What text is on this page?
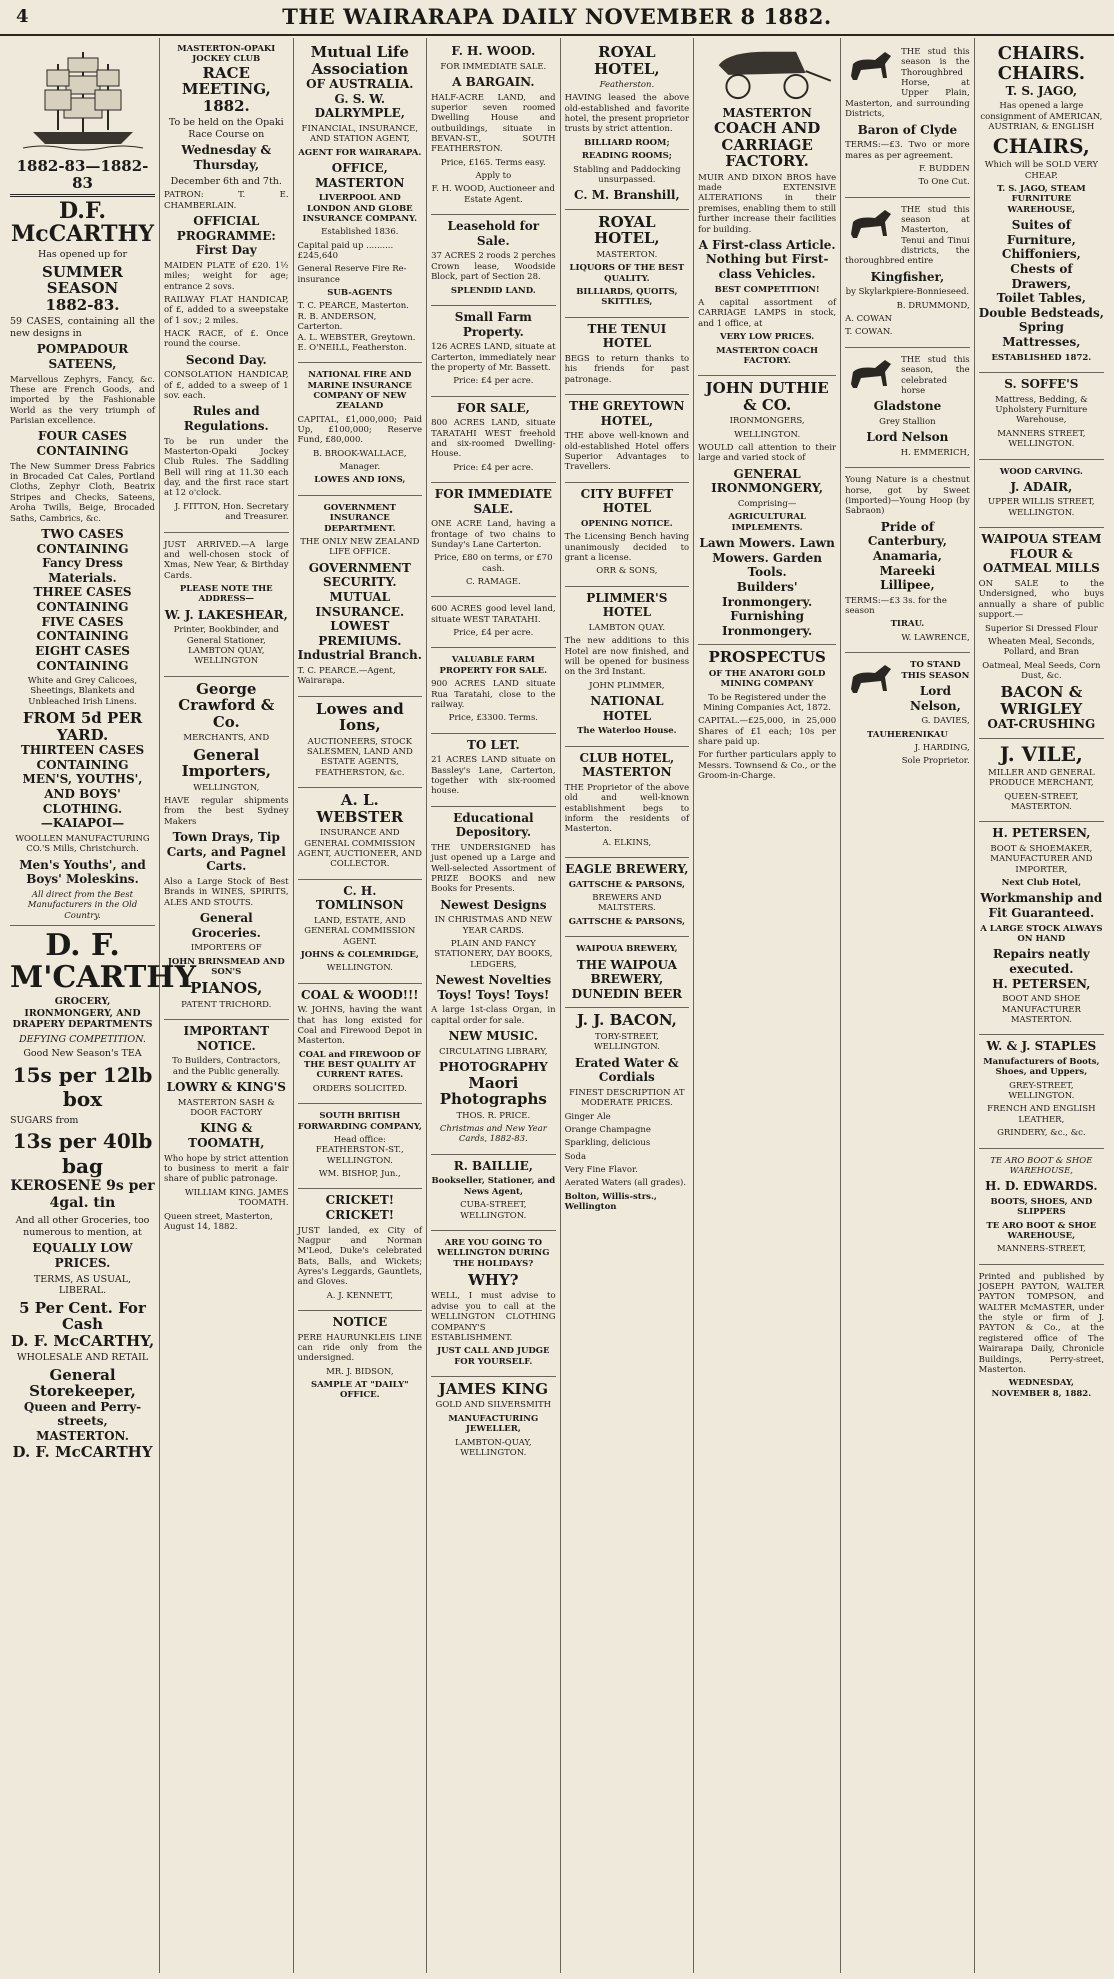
4	THE WAIRARAPA DAILY NOVEMBER 8 1882.
1882-83—1882-83
D.F. McCARTHY

Has opened up for

SUMMER SEASON
1882-83.

59 CASES, containing all the new designs in

POMPADOUR SATEENS,

Marvellous Zephyrs, Fancy, &c. These are French Goods, and imported by the Fashionable World as the very triumph of Parisian excellence.

FOUR CASES CONTAINING

The New Summer Dress Fabrics in Brocaded Cat Cales, Portland Cloths, Zephyr Cloth, Beatrix Stripes and Checks, Sateens, Aroha Twills, Beige, Brocaded Saths, Cambrics, &c.

TWO CASES CONTAINING
Fancy Dress Materials.
THREE CASES CONTAINING
FIVE CASES CONTAINING
EIGHT CASES CONTAINING

White and Grey Calicoes, Sheetings, Blankets and Unbleached Irish Linens.

FROM 5d PER YARD.
THIRTEEN CASES CONTAINING
MEN'S, YOUTHS', AND BOYS' CLOTHING.
—KAIAPOI—

WOOLLEN MANUFACTURING CO.'S Mills, Christchurch.

Men's Youths', and Boys' Moleskins.

All direct from the Best Manufacturers in the Old Country.

D. F. M'CARTHY

GROCERY, IRONMONGERY, AND DRAPERY DEPARTMENTS

DEFYING COMPETITION.

Good New Season's TEA

15s per 12lb box

SUGARS from

13s per 40lb bag
KEROSENE 9s per 4gal. tin

And all other Groceries, too numerous to mention, at

EQUALLY LOW PRICES.

TERMS, AS USUAL, LIBERAL.

5 Per Cent. For Cash
D. F. McCARTHY,

WHOLESALE AND RETAIL

General Storekeeper,
Queen and Perry-streets,
MASTERTON.
D. F. McCARTHY
MASTERTON-OPAKI JOCKEY CLUB
RACE MEETING, 1882.

To be held on the Opaki Race Course on

Wednesday & Thursday,

December 6th and 7th.

PATRON: T. E. CHAMBERLAIN.

OFFICIAL PROGRAMME:
First Day

MAIDEN PLATE of £20. 1½ miles; weight for age; entrance 2 sovs.

RAILWAY FLAT HANDICAP, of £, added to a sweepstake of 1 sov.; 2 miles.

HACK RACE, of £. Once round the course.

Second Day.

CONSOLATION HANDICAP, of £, added to a sweep of 1 sov. each.

Rules and Regulations.

To be run under the Masterton-Opaki Jockey Club Rules. The Saddling Bell will ring at 11.30 each day, and the first race start at 12 o'clock.

J. FITTON, Hon. Secretary and Treasurer.

JUST ARRIVED.—A large and well-chosen stock of Xmas, New Year, & Birthday Cards.

PLEASE NOTE THE ADDRESS—

W. J. LAKESHEAR,

Printer, Bookbinder, and General Stationer, LAMBTON QUAY, WELLINGTON

George Crawford & Co.

MERCHANTS, AND

General Importers,

WELLINGTON,

HAVE regular shipments from the best Sydney Makers

Town Drays, Tip Carts, and Pagnel Carts.

Also a Large Stock of Best Brands in WINES, SPIRITS, ALES AND STOUTS.

General Groceries.

IMPORTERS OF

JOHN BRINSMEAD AND SON'S

PIANOS,

PATENT TRICHORD.

IMPORTANT NOTICE.

To Builders, Contractors, and the Public generally.

LOWRY & KING'S

MASTERTON SASH & DOOR FACTORY

KING & TOOMATH,

Who hope by strict attention to business to merit a fair share of public patronage.

WILLIAM KING. JAMES TOOMATH.

Queen street, Masterton, August 14, 1882.

Mutual Life Association
OF AUSTRALIA.
G. S. W. DALRYMPLE,

FINANCIAL, INSURANCE, AND STATION AGENT,

AGENT FOR WAIRARAPA.

OFFICE, MASTERTON

LIVERPOOL AND LONDON AND GLOBE INSURANCE COMPANY.

Established 1836.

Capital paid up .......... £245,640

General Reserve Fire Re-insurance

SUB-AGENTS

T. C. PEARCE, Masterton.
R. B. ANDERSON, Carterton.
A. L. WEBSTER, Greytown.
E. O'NEILL, Featherston.

NATIONAL FIRE AND MARINE INSURANCE COMPANY OF NEW ZEALAND

CAPITAL, £1,000,000; Paid Up, £100,000; Reserve Fund, £80,000.

B. BROOK-WALLACE,

Manager.

LOWES AND IONS,

GOVERNMENT INSURANCE DEPARTMENT.

THE ONLY NEW ZEALAND LIFE OFFICE.

GOVERNMENT SECURITY.
MUTUAL INSURANCE.
LOWEST PREMIUMS.
Industrial Branch.

T. C. PEARCE.—Agent, Wairarapa.

Lowes and Ions,

AUCTIONEERS, STOCK SALESMEN, LAND AND ESTATE AGENTS, FEATHERSTON, &c.

A. L. WEBSTER

INSURANCE AND GENERAL COMMISSION AGENT, AUCTIONEER, AND COLLECTOR.

C. H. TOMLINSON

LAND, ESTATE, AND GENERAL COMMISSION AGENT.

JOHNS & COLEMRIDGE,

WELLINGTON.

COAL & WOOD!!!

W. JOHNS, having the want that has long existed for Coal and Firewood Depot in Masterton.

COAL and FIREWOOD OF THE BEST QUALITY AT CURRENT RATES.

ORDERS SOLICITED.

SOUTH BRITISH FORWARDING COMPANY,

Head office: FEATHERSTON-ST., WELLINGTON.

WM. BISHOP, Jun.,

CRICKET! CRICKET!

JUST landed, ex City of Nagpur and Norman M'Leod, Duke's celebrated Bats, Balls, and Wickets; Ayres's Leggards, Gauntlets, and Gloves.

A. J. KENNETT,

NOTICE

PERE HAURUNKLEIS LINE can ride only from the undersigned.

MR. J. BIDSON,

SAMPLE AT "DAILY" OFFICE.

F. H. WOOD.

FOR IMMEDIATE SALE.

A BARGAIN.

HALF-ACRE LAND, and superior seven roomed Dwelling House and outbuildings, situate in BEVAN-ST., SOUTH FEATHERSTON.

Price, £165. Terms easy.

Apply to

F. H. WOOD, Auctioneer and Estate Agent.

Leasehold for Sale.

37 ACRES 2 roods 2 perches Crown lease, Woodside Block, part of Section 28.

SPLENDID LAND.

Small Farm Property.

126 ACRES LAND, situate at Carterton, immediately near the property of Mr. Bassett.

Price: £4 per acre.

FOR SALE,

800 ACRES LAND, situate TARATAHI WEST freehold and six-roomed Dwelling-House.

Price: £4 per acre.

FOR IMMEDIATE SALE.

ONE ACRE Land, having a frontage of two chains to Sunday's Lane Carterton.

Price, £80 on terms, or £70 cash.

C. RAMAGE.

600 ACRES good level land, situate WEST TARATAHI.

Price, £4 per acre.

VALUABLE FARM PROPERTY FOR SALE.

900 ACRES LAND situate Rua Taratahi, close to the railway.

Price, £3300. Terms.

TO LET.

21 ACRES LAND situate on Bassley's Lane, Carterton, together with six-roomed house.

Educational Depository.

THE UNDERSIGNED has just opened up a Large and Well-selected Assortment of PRIZE BOOKS and new Books for Presents.

Newest Designs

IN CHRISTMAS AND NEW YEAR CARDS.

PLAIN AND FANCY STATIONERY, DAY BOOKS, LEDGERS,

Newest Novelties
Toys! Toys! Toys!

A large 1st-class Organ, in capital order for sale.

NEW MUSIC.

CIRCULATING LIBRARY,

PHOTOGRAPHY
Maori Photographs

THOS. R. PRICE.

Christmas and New Year Cards, 1882-83.

R. BAILLIE,

Bookseller, Stationer, and News Agent,

CUBA-STREET, WELLINGTON.

ARE YOU GOING TO WELLINGTON DURING THE HOLIDAYS?

WHY?

WELL, I must advise to advise you to call at the WELLINGTON CLOTHING COMPANY'S ESTABLISHMENT.

JUST CALL AND JUDGE FOR YOURSELF.

JAMES KING

GOLD AND SILVERSMITH

MANUFACTURING JEWELLER,

LAMBTON-QUAY, WELLINGTON.

ROYAL HOTEL,

Featherston.

HAVING leased the above old-established and favorite hotel, the present proprietor trusts by strict attention.

BILLIARD ROOM;

READING ROOMS;

Stabling and Paddocking unsurpassed.

C. M. Branshill,
ROYAL HOTEL,

MASTERTON.

LIQUORS OF THE BEST QUALITY.

BILLIARDS, QUOITS, SKITTLES,

THE TENUI HOTEL

BEGS to return thanks to his friends for past patronage.

THE GREYTOWN HOTEL,

THE above well-known and old-established Hotel offers Superior Advantages to Travellers.

CITY BUFFET HOTEL

OPENING NOTICE.

The Licensing Bench having unanimously decided to grant a license.

ORR & SONS,

PLIMMER'S HOTEL

LAMBTON QUAY.

The new additions to this Hotel are now finished, and will be opened for business on the 3rd Instant.

JOHN PLIMMER,

NATIONAL HOTEL

The Waterloo House.

CLUB HOTEL, MASTERTON

THE Proprietor of the above old and well-known establishment begs to inform the residents of Masterton.

A. ELKINS,

EAGLE BREWERY,

GATTSCHE & PARSONS,

BREWERS AND MALTSTERS.

GATTSCHE & PARSONS,

WAIPOUA BREWERY,

THE WAIPOUA BREWERY,
DUNEDIN BEER
J. J. BACON,

TORY-STREET, WELLINGTON.

Erated Water & Cordials

FINEST DESCRIPTION AT MODERATE PRICES.

Ginger Ale

Orange Champagne

Sparkling, delicious

Soda

Very Fine Flavor.

Aerated Waters (all grades).

Bolton, Willis-strs., Wellington

MASTERTON
COACH AND CARRIAGE FACTORY.

MUIR AND DIXON BROS have made EXTENSIVE ALTERATIONS in their premises, enabling them to still further increase their facilities for building.

A First-class Article.
Nothing but First-class Vehicles.

BEST COMPETITION!

A capital assortment of CARRIAGE LAMPS in stock, and 1 office, at

VERY LOW PRICES.

MASTERTON COACH FACTORY.

JOHN DUTHIE & CO.

IRONMONGERS,

WELLINGTON.

WOULD call attention to their large and varied stock of

GENERAL IRONMONGERY,

Comprising—

AGRICULTURAL IMPLEMENTS.

Lawn Mowers. Lawn Mowers. Garden Tools.
Builders' Ironmongery.
Furnishing Ironmongery.
PROSPECTUS

OF THE ANATORI GOLD MINING COMPANY

To be Registered under the Mining Companies Act, 1872.

CAPITAL.—£25,000, in 25,000 Shares of £1 each; 10s per share paid up.

For further particulars apply to Messrs. Townsend & Co., or the Groom-in-Charge.

THE stud this season is the Thoroughbred Horse, at Upper Plain, Masterton, and surrounding Districts,

Baron of Clyde

TERMS:—£3. Two or more mares as per agreement.

F. BUDDEN

To One Cut.

THE stud this season at Masterton, Tenui and Tinui districts, the thoroughbred entire

Kingfisher,

by Skylarkpiere-Bonnieseed.

B. DRUMMOND,

A. COWAN

T. COWAN.

THE stud this season, the celebrated horse

Gladstone

Grey Stallion

Lord Nelson

H. EMMERICH,

Young Nature is a chestnut horse, got by Sweet (imported)—Young Hoop (by Sabraon)

Pride of Canterbury,
Anamaria,
Mareeki
Lillipee,

TERMS:—£3 3s. for the season

TIRAU.

W. LAWRENCE,

TO STAND THIS SEASON

Lord Nelson,

G. DAVIES,

TAUHERENIKAU

J. HARDING,

Sole Proprietor.

CHAIRS. CHAIRS.
T. S. JAGO,

Has opened a large consignment of AMERICAN, AUSTRIAN, & ENGLISH

CHAIRS,

Which will be SOLD VERY CHEAP.

T. S. JAGO, STEAM FURNITURE WAREHOUSE,

Suites of Furniture,
Chiffoniers,
Chests of Drawers,
Toilet Tables,
Double Bedsteads,
Spring Mattresses,

ESTABLISHED 1872.

S. SOFFE'S

Mattress, Bedding, & Upholstery Furniture Warehouse,

MANNERS STREET, WELLINGTON.

WOOD CARVING.

J. ADAIR,

UPPER WILLIS STREET, WELLINGTON.

WAIPOUA STEAM FLOUR & OATMEAL MILLS

ON SALE to the Undersigned, who buys annually a share of public support.—

Superior Si Dressed Flour

Wheaten Meal, Seconds, Pollard, and Bran

Oatmeal, Meal Seeds, Corn Dust, &c.

BACON & WRIGLEY
OAT-CRUSHING
J. VILE,

MILLER AND GENERAL PRODUCE MERCHANT,

QUEEN-STREET, MASTERTON.

H. PETERSEN,

BOOT & SHOEMAKER, MANUFACTURER AND IMPORTER,

Next Club Hotel,

Workmanship and Fit Guaranteed.

A LARGE STOCK ALWAYS ON HAND

Repairs neatly executed.
H. PETERSEN,

BOOT AND SHOE MANUFACTURER MASTERTON.

W. & J. STAPLES

Manufacturers of Boots, Shoes, and Uppers,

GREY-STREET, WELLINGTON.

FRENCH AND ENGLISH LEATHER,

GRINDERY, &c., &c.

TE ARO BOOT & SHOE WAREHOUSE,

H. D. EDWARDS.

BOOTS, SHOES, AND SLIPPERS

TE ARO BOOT & SHOE WAREHOUSE,

MANNERS-STREET,

Printed and published by JOSEPH PAYTON, WALTER PAYTON TOMPSON, and WALTER McMASTER, under the style or firm of J. PAYTON & Co., at the registered office of The Wairarapa Daily, Chronicle Buildings, Perry-street, Masterton.

WEDNESDAY, NOVEMBER 8, 1882.
